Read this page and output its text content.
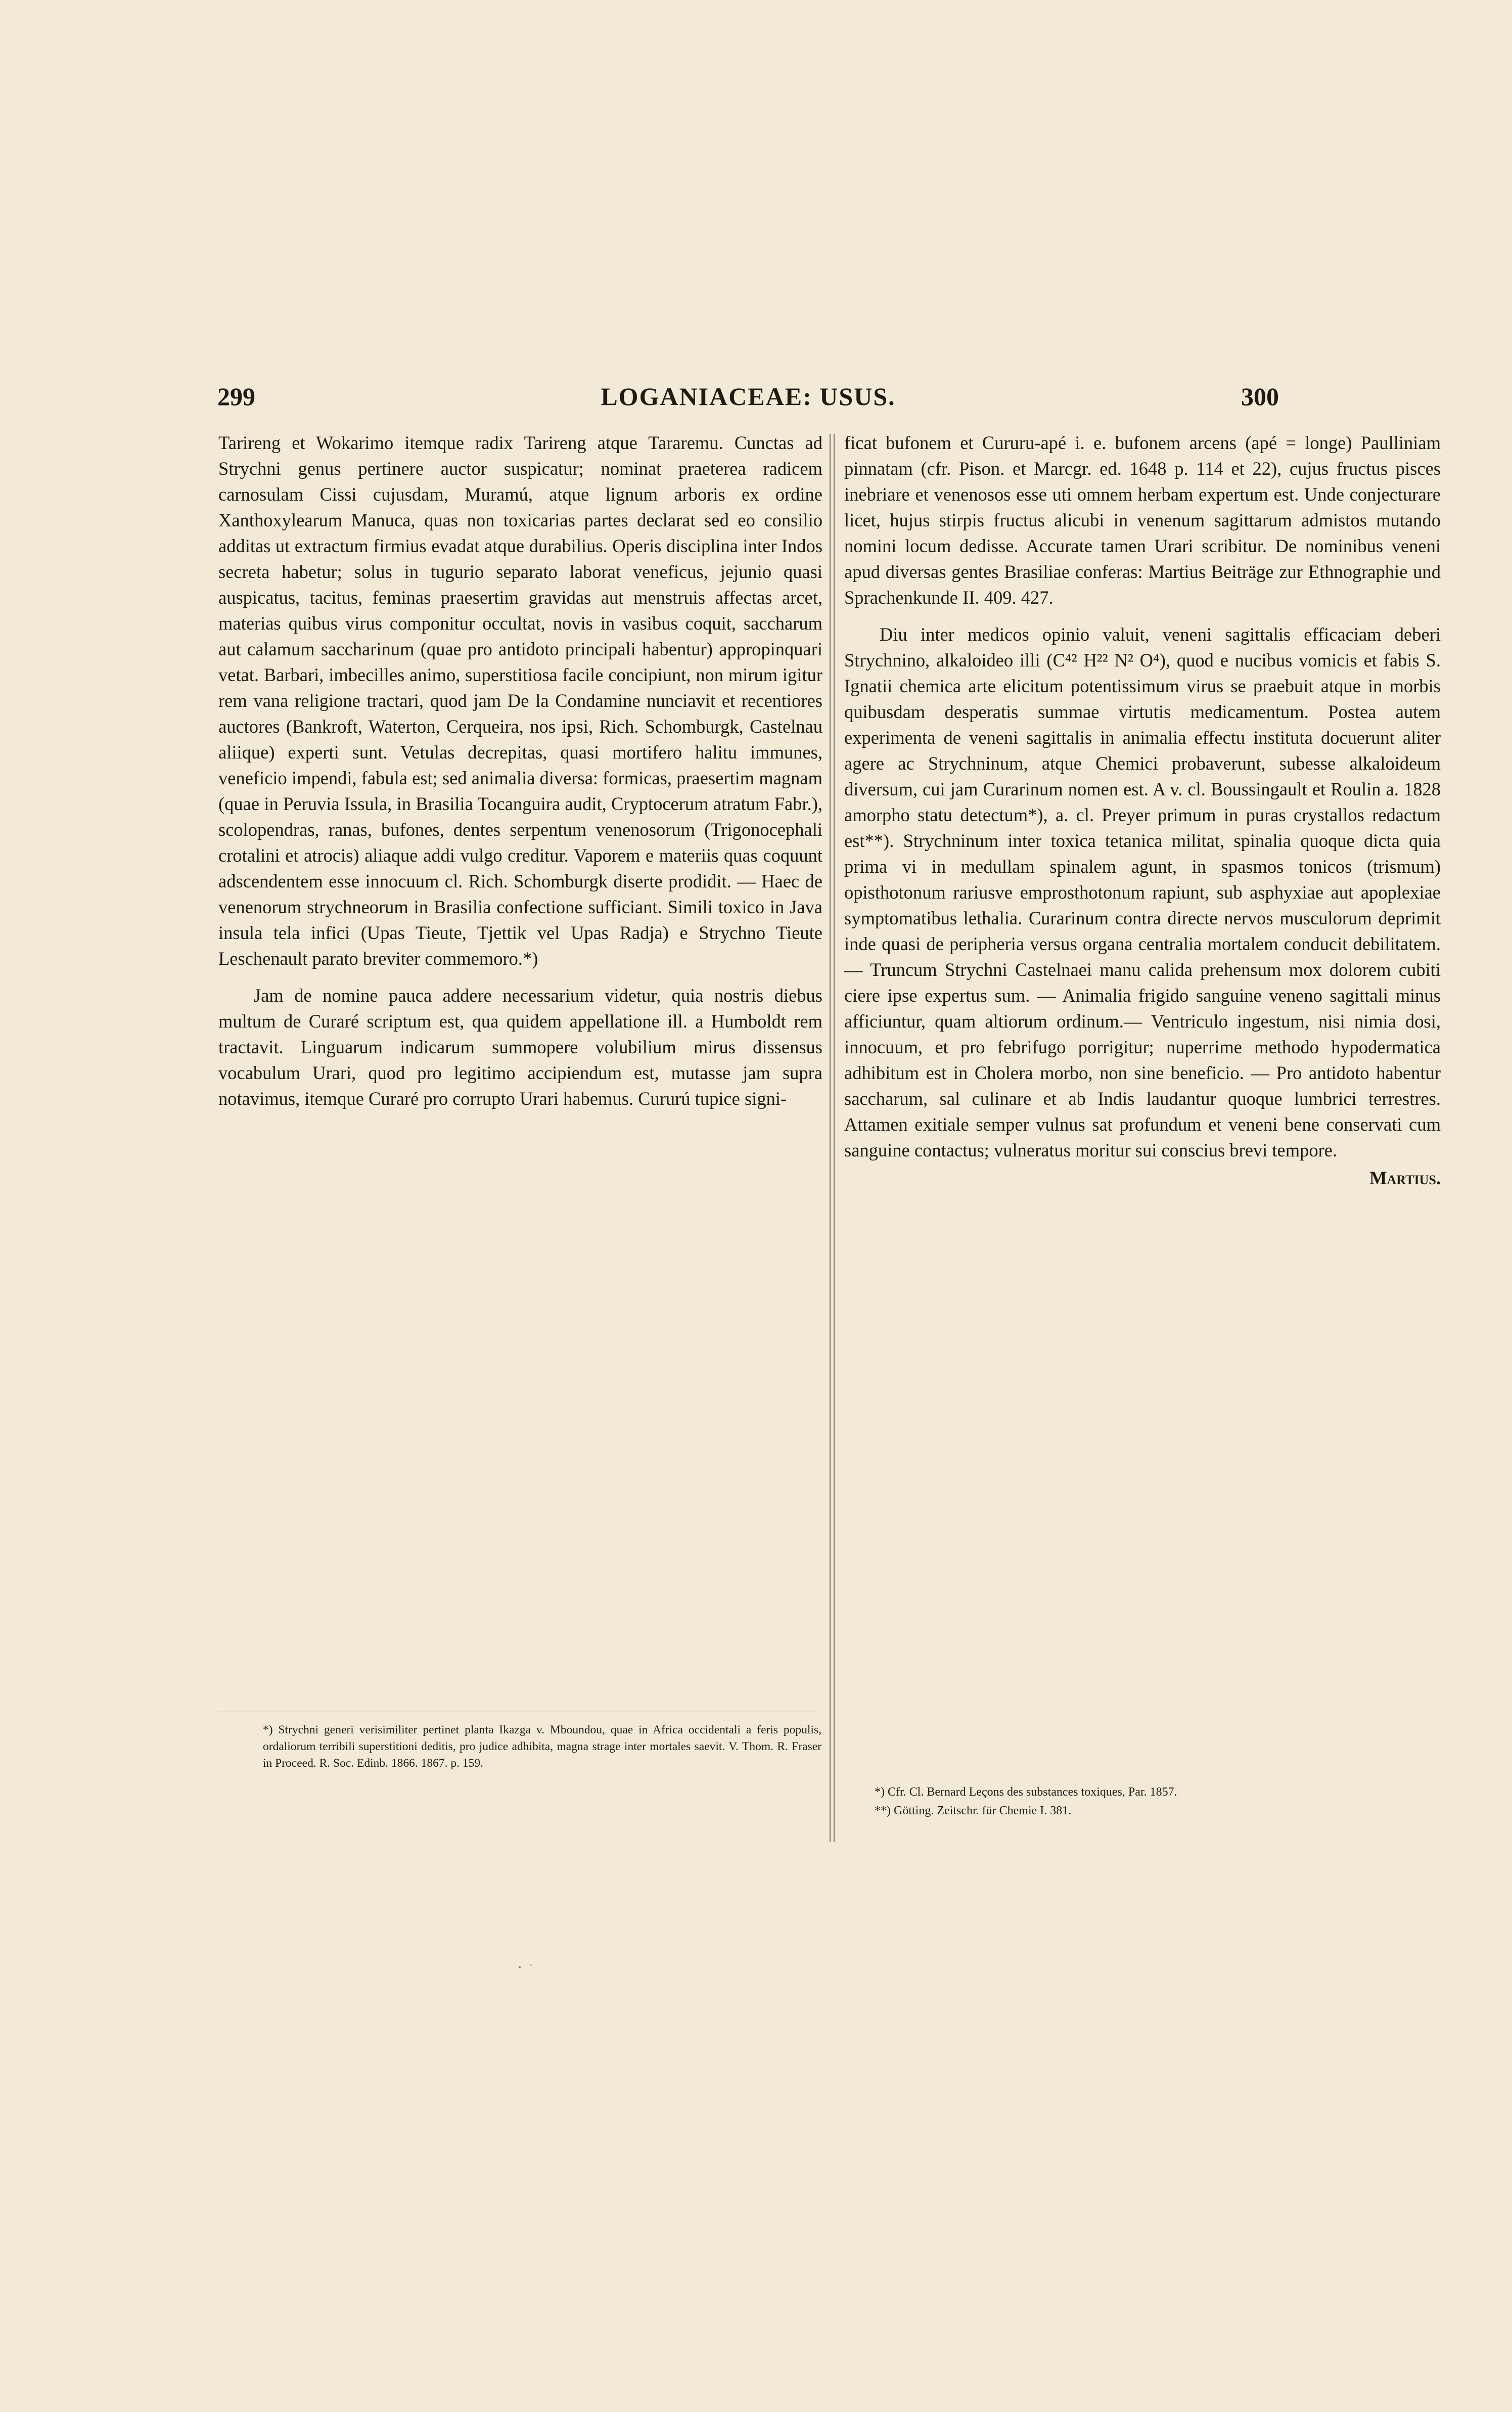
299	LOGANIACEAE: USUS.	300

Tarireng et Wokarimo itemque radix Tarireng atque Tararemu. Cunctas ad Strychni genus pertinere auctor suspicatur; nominat praeterea radicem carnosulam Cissi cujusdam, Muramú, atque lignum arboris ex ordine Xanthoxylearum Manuca, quas non toxicarias partes declarat sed eo consilio additas ut extractum firmius evadat atque durabilius. Operis disciplina inter Indos secreta habetur; solus in tugurio separato laborat veneficus, jejunio quasi auspicatus, tacitus, feminas praesertim gravidas aut menstruis affectas arcet, materias quibus virus componitur occultat, novis in vasibus coquit, saccharum aut calamum saccharinum (quae pro antidoto principali habentur) appropinquari vetat. Barbari, imbecilles animo, superstitiosa facile concipiunt, non mirum igitur rem vana religione tractari, quod jam De la Condamine nunciavit et recentiores auctores (Bankroft, Waterton, Cerqueira, nos ipsi, Rich. Schomburgk, Castelnau aliique) experti sunt. Vetulas decrepitas, quasi mortifero halitu immunes, veneficio impendi, fabula est; sed animalia diversa: formicas, praesertim magnam (quae in Peruvia Issula, in Brasilia Tocanguira audit, Cryptocerum atratum Fabr.), scolopendras, ranas, bufones, dentes serpentum venenosorum (Trigonocephali crotalini et atrocis) aliaque addi vulgo creditur. Vaporem e materiis quas coquunt adscendentem esse innocuum cl. Rich. Schomburgk diserte prodidit. — Haec de venenorum strychneorum in Brasilia confectione sufficiant. Simili toxico in Java insula tela infici (Upas Tieute, Tjettik vel Upas Radja) e Strychno Tieute Leschenault parato breviter commemoro.*)

Jam de nomine pauca addere necessarium videtur, quia nostris diebus multum de Curaré scriptum est, qua quidem appellatione ill. a Humboldt rem tractavit. Linguarum indicarum summopere volubilium mirus dissensus vocabulum Urari, quod pro legitimo accipiendum est, mutasse jam supra notavimus, itemque Curaré pro corrupto Urari habemus. Cururú tupice signi-

ficat bufonem et Cururu-apé i. e. bufonem arcens (apé = longe) Paulliniam pinnatam (cfr. Pison. et Marcgr. ed. 1648 p. 114 et 22), cujus fructus pisces inebriare et venenosos esse uti omnem herbam expertum est. Unde conjecturare licet, hujus stirpis fructus alicubi in venenum sagittarum admistos mutando nomini locum dedisse. Accurate tamen Urari scribitur. De nominibus veneni apud diversas gentes Brasiliae conferas: Martius Beiträge zur Ethnographie und Sprachenkunde II. 409. 427.

Diu inter medicos opinio valuit, veneni sagittalis efficaciam deberi Strychnino, alkaloideo illi (C⁴² H²² N² O⁴), quod e nucibus vomicis et fabis S. Ignatii chemica arte elicitum potentissimum virus se praebuit atque in morbis quibusdam desperatis summae virtutis medicamentum. Postea autem experimenta de veneni sagittalis in animalia effectu instituta docuerunt aliter agere ac Strychninum, atque Chemici probaverunt, subesse alkaloideum diversum, cui jam Curarinum nomen est. A v. cl. Boussingault et Roulin a. 1828 amorpho statu detectum*), a. cl. Preyer primum in puras crystallos redactum est**). Strychninum inter toxica tetanica militat, spinalia quoque dicta quia prima vi in medullam spinalem agunt, in spasmos tonicos (trismum) opisthotonum rariusve emprosthotonum rapiunt, sub asphyxiae aut apoplexiae symptomatibus lethalia. Curarinum contra directe nervos musculorum deprimit inde quasi de peripheria versus organa centralia mortalem conducit debilitatem. — Truncum Strychni Castelnaei manu calida prehensum mox dolorem cubiti ciere ipse expertus sum. — Animalia frigido sanguine veneno sagittali minus afficiuntur, quam altiorum ordinum.— Ventriculo ingestum, nisi nimia dosi, innocuum, et pro febrifugo porrigitur; nuperrime methodo hypodermatica adhibitum est in Cholera morbo, non sine beneficio. — Pro antidoto habentur saccharum, sal culinare et ab Indis laudantur quoque lumbrici terrestres. Attamen exitiale semper vulnus sat profundum et veneni bene conservati cum sanguine contactus; vulneratus moritur sui conscius brevi tempore.

Martius.

*) Strychni generi verisimiliter pertinet planta Ikazga v. Mboundou, quae in Africa occidentali a feris populis, ordaliorum terribili superstitioni deditis, pro judice adhibita, magna strage inter mortales saevit. V. Thom. R. Fraser in Proceed. R. Soc. Edinb. 1866. 1867. p. 159.

*) Cfr. Cl. Bernard Leçons des substances toxiques, Par. 1857.

**) Götting. Zeitschr. für Chemie I. 381.
